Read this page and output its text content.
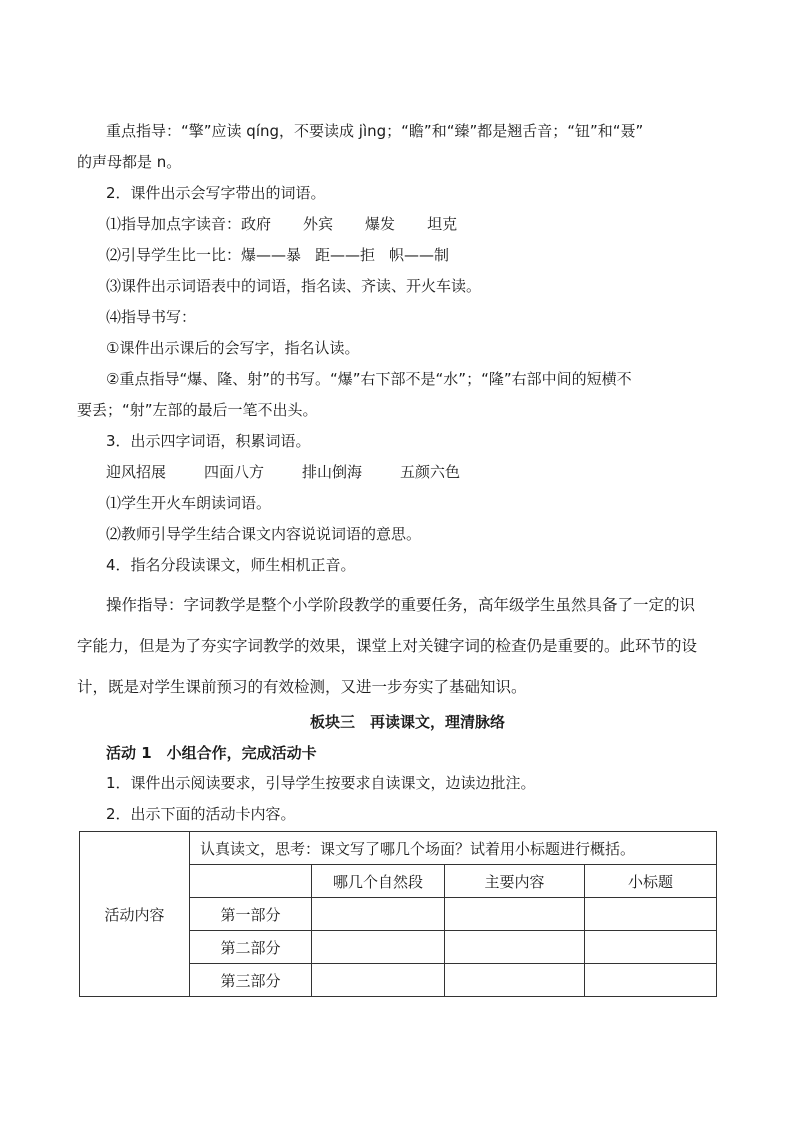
重点指导：“擎”应读 qíng，不要读成 jìng；“瞻”和“臻”都是翘舌音；“钮”和“聂”
的声母都是 n。
2．课件出示会写字带出的词语。
⑴指导加点字读音：政府 外宾 爆发 坦克
⑵引导学生比一比：爆——暴 距——拒 帜——制
⑶课件出示词语表中的词语，指名读、齐读、开火车读。
⑷指导书写：
①课件出示课后的会写字，指名认读。
②重点指导“爆、隆、射”的书写。“爆”右下部不是“水”；“隆”右部中间的短横不
要丢；“射”左部的最后一笔不出头。
3．出示四字词语，积累词语。
迎风招展	四面八方	排山倒海	五颜六色
⑴学生开火车朗读词语。
⑵教师引导学生结合课文内容说说词语的意思。
4．指名分段读课文，师生相机正音。
操作指导：字词教学是整个小学阶段教学的重要任务，高年级学生虽然具备了一定的识
字能力，但是为了夯实字词教学的效果，课堂上对关键字词的检查仍是重要的。此环节的设
计，既是对学生课前预习的有效检测，又进一步夯实了基础知识。
板块三　再读课文，理清脉络
活动 1　小组合作，完成活动卡
1．课件出示阅读要求，引导学生按要求自读课文，边读边批注。
2．出示下面的活动卡内容。
活动内容	认真读文，思考：课文写了哪几个场面？试着用小标题进行概括。			
		哪几个自然段	主要内容	小标题
	第一部分			
	第二部分			
	第三部分			
